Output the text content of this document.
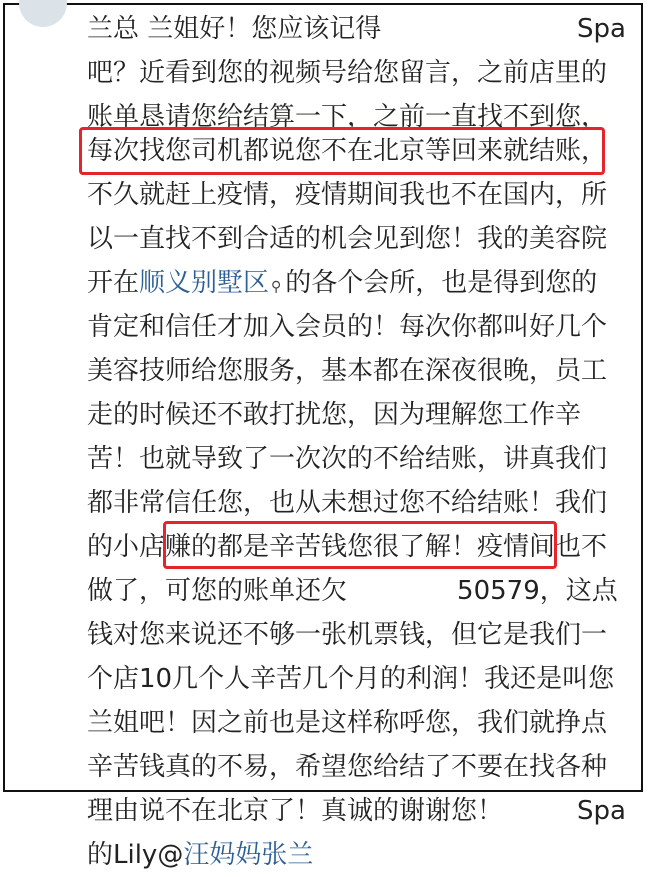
兰总 兰姐好！您应该记得	Spa
吧？近看到您的视频号给您留言，之前店里的
账单恳请您给结算一下，之前一直找不到您，
每次找您司机都说您不在北京等回来就结账，
不久就赶上疫情，疫情期间我也不在国内，所
以一直找不到合适的机会见到您！我的美容院
开在顺义别墅区 ⚲ 的各个会所，也是得到您的
肯定和信任才加入会员的！每次你都叫好几个
美容技师给您服务，基本都在深夜很晚，员工
走的时候还不敢打扰您，因为理解您工作辛
苦！也就导致了一次次的不给结账，讲真我们
都非常信任您，也从未想过您不给结账！我们
的小店赚的都是辛苦钱您很了解！疫情间也不
做了，可您的账单还欠	50579，这点
钱对您来说还不够一张机票钱，但它是我们一
个店10几个人辛苦几个月的利润！我还是叫您
兰姐吧！因之前也是这样称呼您，我们就挣点
辛苦钱真的不易，希望您给结了不要在找各种
理由说不在北京了！真诚的谢谢您！	Spa
的Lily@汪妈妈张兰
